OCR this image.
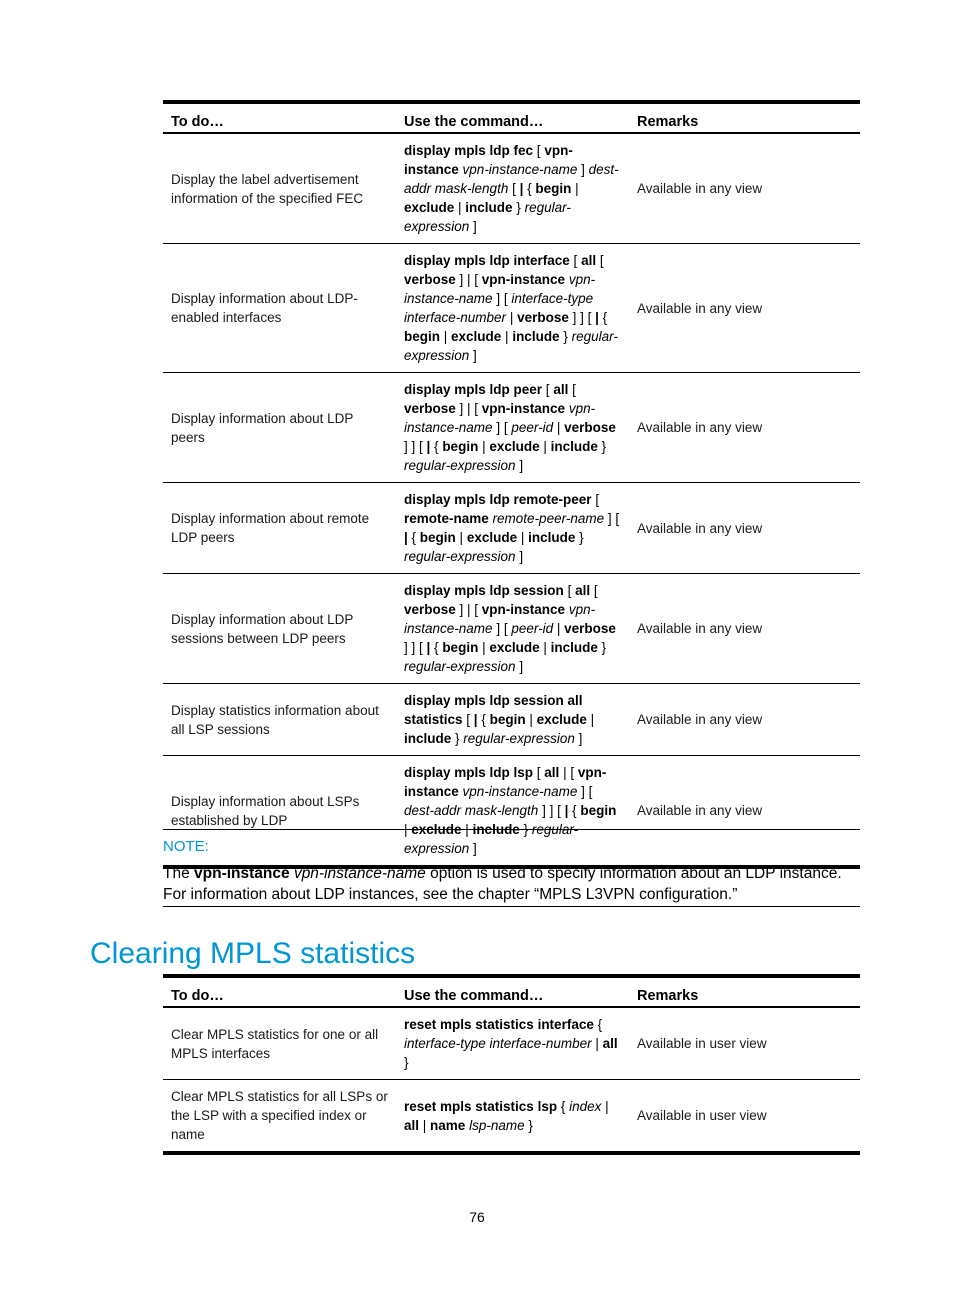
To do…	Use the command…	Remarks
Display the label advertisement information of the specified FEC	display mpls ldp fec [ vpn-instance vpn-instance-name ] dest-addr mask-length [ | { begin | exclude | include } regular-expression ]	Available in any view
Display information about LDP-enabled interfaces	display mpls ldp interface [ all [ verbose ] | [ vpn-instance vpn-instance-name ] [ interface-type interface-number | verbose ] ] [ | { begin | exclude | include } regular-expression ]	Available in any view
Display information about LDP peers	display mpls ldp peer [ all [ verbose ] | [ vpn-instance vpn-instance-name ] [ peer-id | verbose ] ] [ | { begin | exclude | include } regular-expression ]	Available in any view
Display information about remote LDP peers	display mpls ldp remote-peer [ remote-name remote-peer-name ] [ | { begin | exclude | include } regular-expression ]	Available in any view
Display information about LDP sessions between LDP peers	display mpls ldp session [ all [ verbose ] | [ vpn-instance vpn-instance-name ] [ peer-id | verbose ] ] [ | { begin | exclude | include } regular-expression ]	Available in any view
Display statistics information about all LSP sessions	display mpls ldp session all statistics [ | { begin | exclude | include } regular-expression ]	Available in any view
Display information about LSPs established by LDP	display mpls ldp lsp [ all | [ vpn-instance vpn-instance-name ] [ dest-addr mask-length ] ] [ | { begin | exclude | include } regular-expression ]	Available in any view
NOTE:
The vpn-instance vpn-instance-name option is used to specify information about an LDP instance. For information about LDP instances, see the chapter “MPLS L3VPN configuration.”
Clearing MPLS statistics
To do…	Use the command…	Remarks
Clear MPLS statistics for one or all MPLS interfaces	reset mpls statistics interface { interface-type interface-number | all }	Available in user view
Clear MPLS statistics for all LSPs or the LSP with a specified index or name	reset mpls statistics lsp { index | all | name lsp-name }	Available in user view
76
